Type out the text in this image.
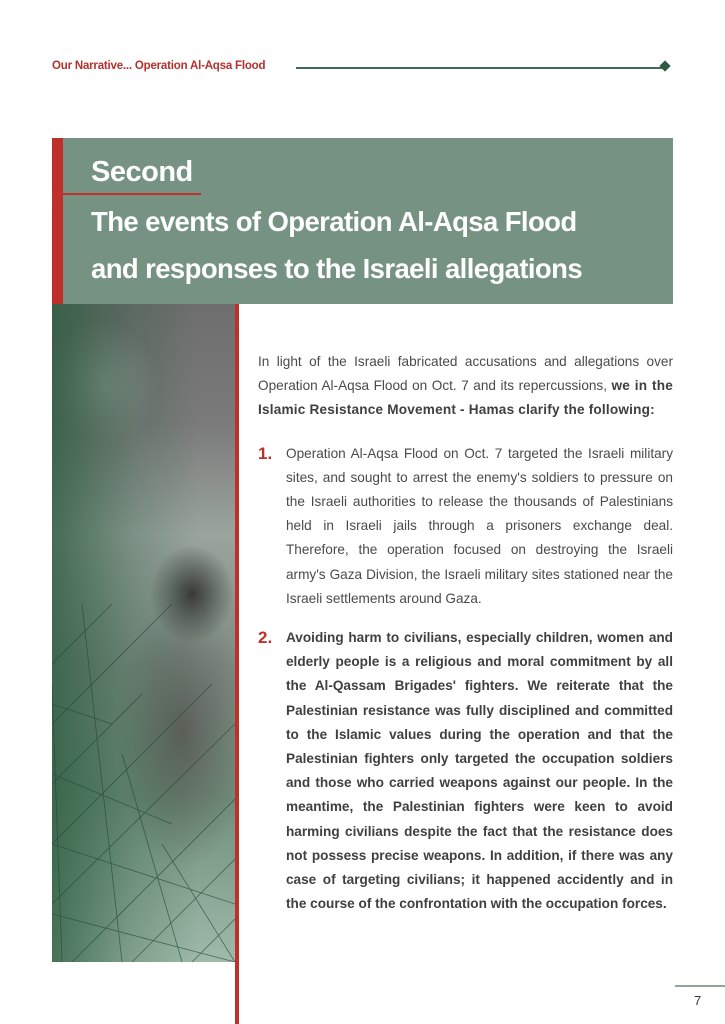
Our Narrative... Operation Al-Aqsa Flood
Second
The events of Operation Al-Aqsa Flood
and responses to the Israeli allegations

In light of the Israeli fabricated accusations and allegations over Operation Al-Aqsa Flood on Oct. 7 and its repercussions, we in the Islamic Resistance Movement - Hamas clarify the following:

1. Operation Al-Aqsa Flood on Oct. 7 targeted the Israeli military sites, and sought to arrest the enemy's soldiers to pressure on the Israeli authorities to release the thousands of Palestinians held in Israeli jails through a prisoners exchange deal. Therefore, the operation focused on destroying the Israeli army's Gaza Division, the Israeli military sites stationed near the Israeli settlements around Gaza.
2. Avoiding harm to civilians, especially children, women and elderly people is a religious and moral commitment by all the Al-Qassam Brigades' fighters. We reiterate that the Palestinian resistance was fully disciplined and committed to the Islamic values during the operation and that the Palestinian fighters only targeted the occupation soldiers and those who carried weapons against our people. In the meantime, the Palestinian fighters were keen to avoid harming civilians despite the fact that the resistance does not possess precise weapons. In addition, if there was any case of targeting civilians; it happened accidently and in the course of the confrontation with the occupation forces.
7
